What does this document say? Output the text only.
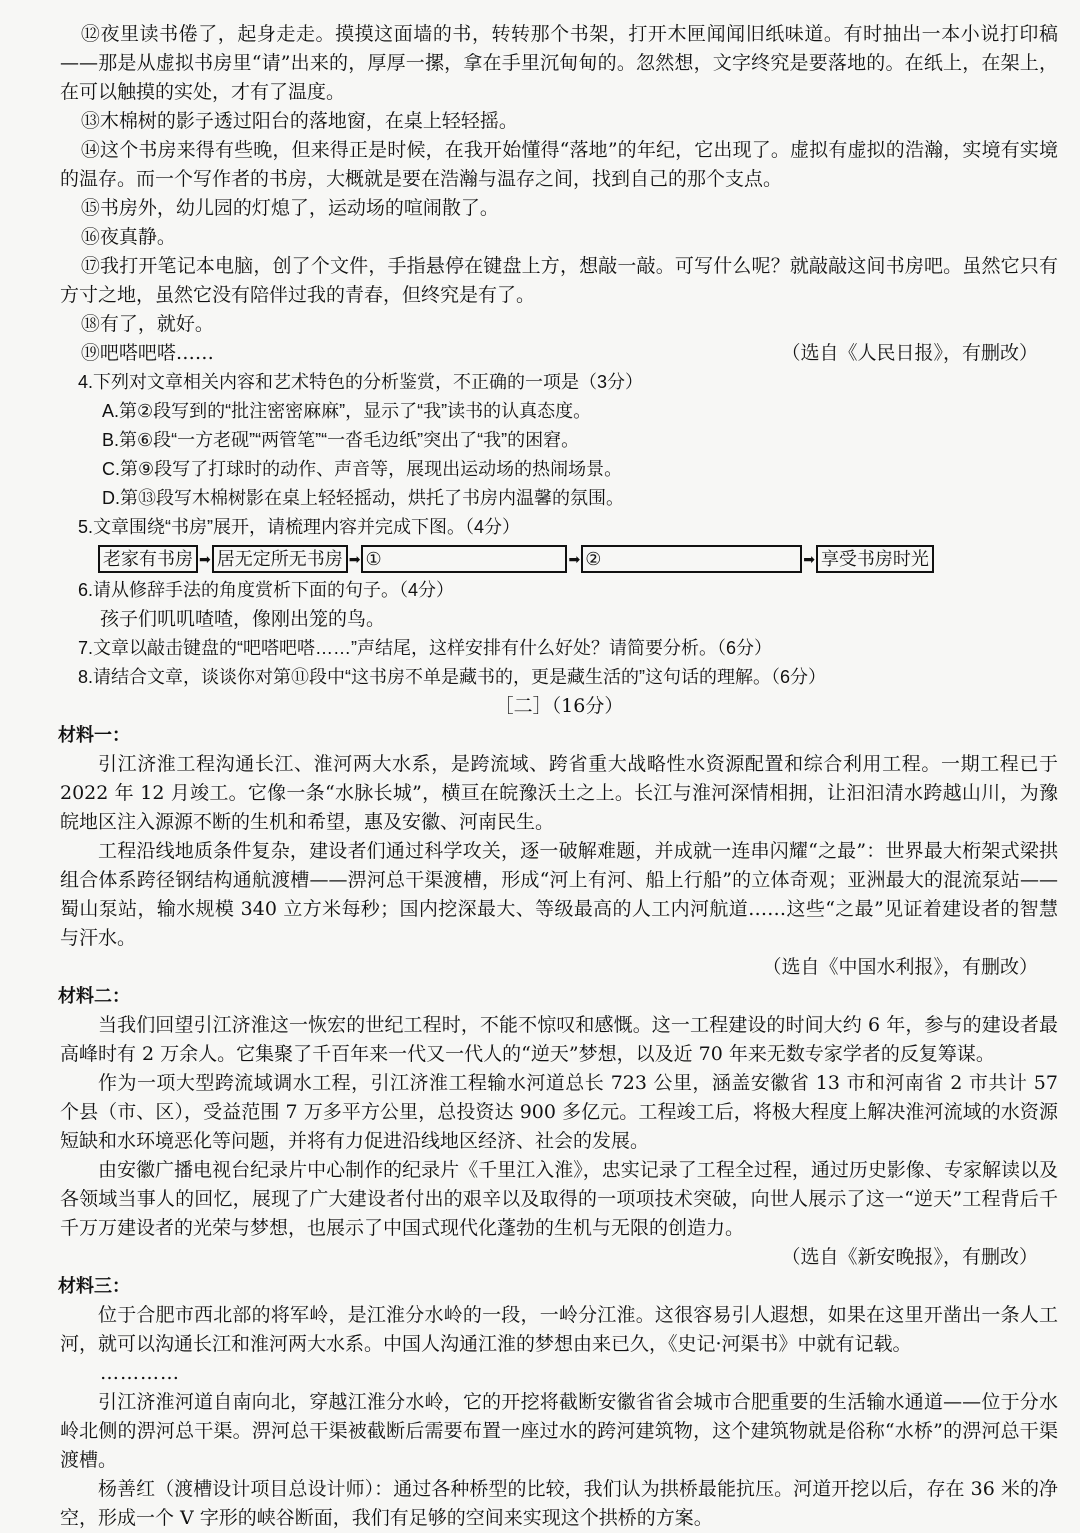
⑫夜里读书倦了，起身走走。摸摸这面墙的书，转转那个书架，打开木匣闻闻旧纸味道。有时抽出一本小说打印稿——那是从虚拟书房里“请”出来的，厚厚一摞，拿在手里沉甸甸的。忽然想，文字终究是要落地的。在纸上，在架上，在可以触摸的实处，才有了温度。

⑬木棉树的影子透过阳台的落地窗，在桌上轻轻摇。

⑭这个书房来得有些晚，但来得正是时候，在我开始懂得“落地”的年纪，它出现了。虚拟有虚拟的浩瀚，实境有实境的温存。而一个写作者的书房，大概就是要在浩瀚与温存之间，找到自己的那个支点。

⑮书房外，幼儿园的灯熄了，运动场的喧闹散了。

⑯夜真静。

⑰我打开笔记本电脑，创了个文件，手指悬停在键盘上方，想敲一敲。可写什么呢？就敲敲这间书房吧。虽然它只有方寸之地，虽然它没有陪伴过我的青春，但终究是有了。

⑱有了，就好。

⑲吧嗒吧嗒……	（选自《人民日报》，有删改）

4.下列对文章相关内容和艺术特色的分析鉴赏，不正确的一项是（3分）

A.第②段写到的“批注密密麻麻”，显示了“我”读书的认真态度。

B.第⑥段“一方老砚”“两管笔”“一沓毛边纸”突出了“我”的困窘。

C.第⑨段写了打球时的动作、声音等，展现出运动场的热闹场景。

D.第⑬段写木棉树影在桌上轻轻摇动，烘托了书房内温馨的氛围。

5.文章围绕“书房”展开，请梳理内容并完成下图。（4分）

老家有书房 ➡ 居无定所无书房 ➡ ①	➡ ②	➡ 享受书房时光

6.请从修辞手法的角度赏析下面的句子。（4分）

孩子们叽叽喳喳，像刚出笼的鸟。

7.文章以敲击键盘的“吧嗒吧嗒……”声结尾，这样安排有什么好处？请简要分析。（6分）

8.请结合文章，谈谈你对第⑪段中“这书房不单是藏书的，更是藏生活的”这句话的理解。（6分）

［二］（16分）

材料一：

引江济淮工程沟通长江、淮河两大水系，是跨流域、跨省重大战略性水资源配置和综合利用工程。一期工程已于 2022 年 12 月竣工。它像一条“水脉长城”，横亘在皖豫沃土之上。长江与淮河深情相拥，让汩汩清水跨越山川，为豫皖地区注入源源不断的生机和希望，惠及安徽、河南民生。

工程沿线地质条件复杂，建设者们通过科学攻关，逐一破解难题，并成就一连串闪耀“之最”：世界最大桁架式梁拱组合体系跨径钢结构通航渡槽——淠河总干渠渡槽，形成“河上有河、船上行船”的立体奇观；亚洲最大的混流泵站——蜀山泵站，输水规模 340 立方米每秒；国内挖深最大、等级最高的人工内河航道……这些“之最”见证着建设者的智慧与汗水。

（选自《中国水利报》，有删改）

材料二：

当我们回望引江济淮这一恢宏的世纪工程时，不能不惊叹和感慨。这一工程建设的时间大约 6 年，参与的建设者最高峰时有 2 万余人。它集聚了千百年来一代又一代人的“逆天”梦想，以及近 70 年来无数专家学者的反复筹谋。

作为一项大型跨流域调水工程，引江济淮工程输水河道总长 723 公里，涵盖安徽省 13 市和河南省 2 市共计 57 个县（市、区），受益范围 7 万多平方公里，总投资达 900 多亿元。工程竣工后，将极大程度上解决淮河流域的水资源短缺和水环境恶化等问题，并将有力促进沿线地区经济、社会的发展。

由安徽广播电视台纪录片中心制作的纪录片《千里江入淮》，忠实记录了工程全过程，通过历史影像、专家解读以及各领域当事人的回忆，展现了广大建设者付出的艰辛以及取得的一项项技术突破，向世人展示了这一“逆天”工程背后千千万万建设者的光荣与梦想，也展示了中国式现代化蓬勃的生机与无限的创造力。

（选自《新安晚报》，有删改）

材料三：

位于合肥市西北部的将军岭，是江淮分水岭的一段，一岭分江淮。这很容易引人遐想，如果在这里开凿出一条人工河，就可以沟通长江和淮河两大水系。中国人沟通江淮的梦想由来已久，《史记·河渠书》中就有记载。

…………

引江济淮河道自南向北，穿越江淮分水岭，它的开挖将截断安徽省省会城市合肥重要的生活输水通道——位于分水岭北侧的淠河总干渠。淠河总干渠被截断后需要布置一座过水的跨河建筑物，这个建筑物就是俗称“水桥”的淠河总干渠渡槽。

杨善红（渡槽设计项目总设计师）：通过各种桥型的比较，我们认为拱桥最能抗压。河道开挖以后，存在 36 米的净空，形成一个 V 字形的峡谷断面，我们有足够的空间来实现这个拱桥的方案。
